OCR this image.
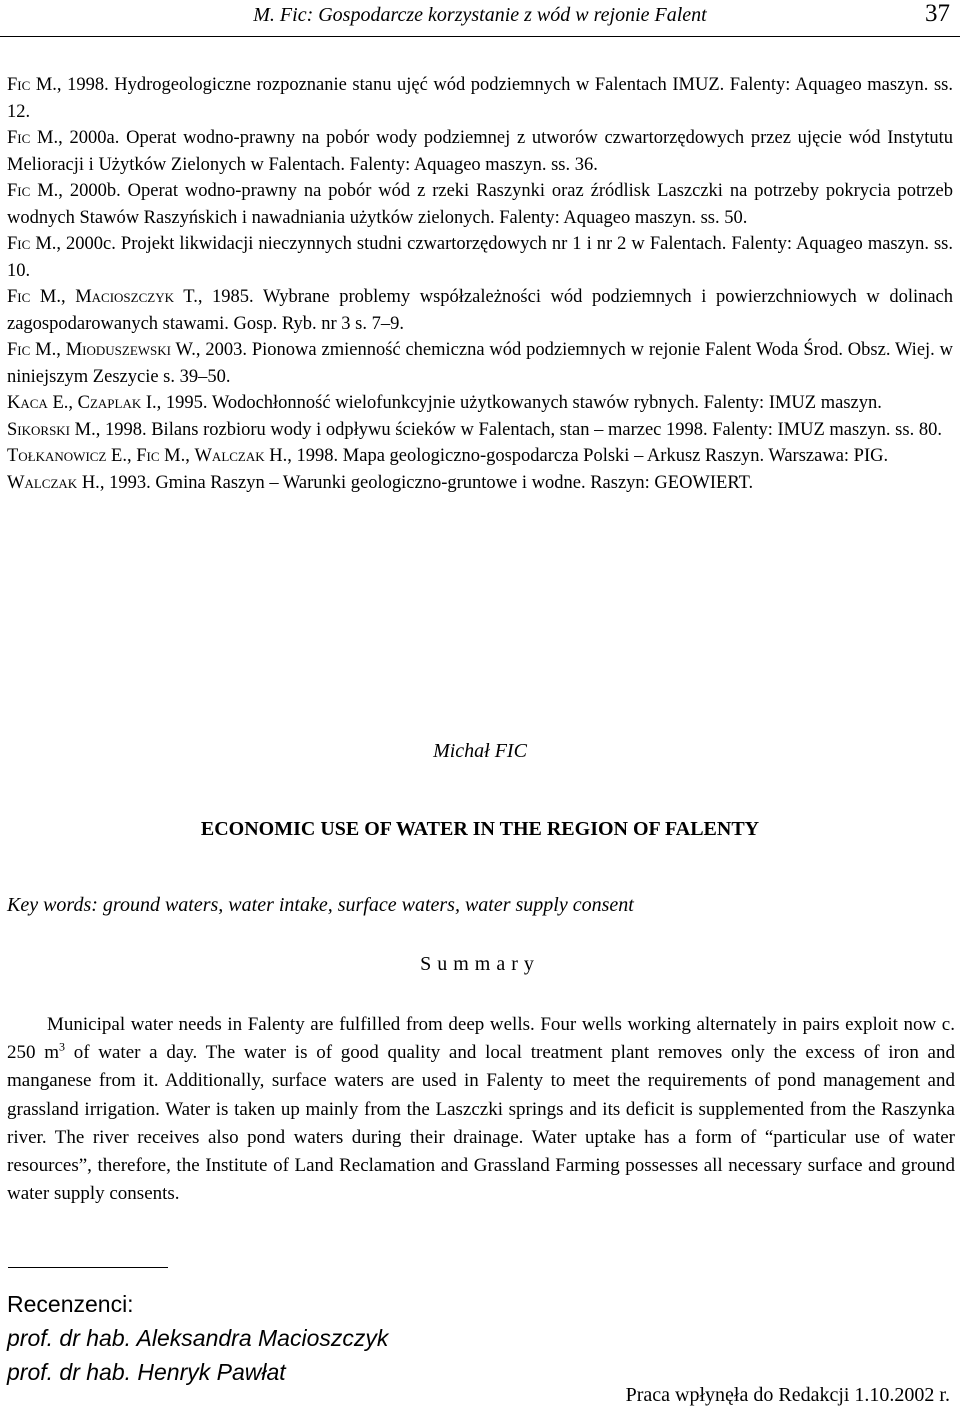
M. Fic: Gospodarcze korzystanie z wód w rejonie Falent	37
Fic M., 1998. Hydrogeologiczne rozpoznanie stanu ujęć wód podziemnych w Falentach IMUZ. Falenty: Aquageo maszyn. ss. 12.
Fic M., 2000a. Operat wodno-prawny na pobór wody podziemnej z utworów czwartorzędowych przez ujęcie wód Instytutu Melioracji i Użytków Zielonych w Falentach. Falenty: Aquageo maszyn. ss. 36.
Fic M., 2000b. Operat wodno-prawny na pobór wód z rzeki Raszynki oraz źródlisk Laszczki na potrzeby pokrycia potrzeb wodnych Stawów Raszyńskich i nawadniania użytków zielonych. Falenty: Aquageo maszyn. ss. 50.
Fic M., 2000c. Projekt likwidacji nieczynnych studni czwartorzędowych nr 1 i nr 2 w Falentach. Falenty: Aquageo maszyn. ss. 10.
Fic M., Macioszczyk T., 1985. Wybrane problemy współzależności wód podziemnych i powierzchniowych w dolinach zagospodarowanych stawami. Gosp. Ryb. nr 3 s. 7–9.
Fic M., Mioduszewski W., 2003. Pionowa zmienność chemiczna wód podziemnych w rejonie Falent Woda Środ. Obsz. Wiej. w niniejszym Zeszycie s. 39–50.
Kaca E., Czaplak I., 1995. Wodochłonność wielofunkcyjnie użytkowanych stawów rybnych. Falenty: IMUZ maszyn.
Sikorski M., 1998. Bilans rozbioru wody i odpływu ścieków w Falentach, stan – marzec 1998. Falenty: IMUZ maszyn. ss. 80.
Tołkanowicz E., Fic M., Walczak H., 1998. Mapa geologiczno-gospodarcza Polski – Arkusz Raszyn. Warszawa: PIG.
Walczak H., 1993. Gmina Raszyn – Warunki geologiczno-gruntowe i wodne. Raszyn: GEOWIERT.
Michał FIC
ECONOMIC USE OF WATER IN THE REGION OF FALENTY
Key words: ground waters, water intake, surface waters, water supply consent
Summary
Municipal water needs in Falenty are fulfilled from deep wells. Four wells working alternately in pairs exploit now c. 250 $m^3$ of water a day. The water is of good quality and local treatment plant removes only the excess of iron and manganese from it. Additionally, surface waters are used in Falenty to meet the requirements of pond management and grassland irrigation. Water is taken up mainly from the Laszczki springs and its deficit is supplemented from the Raszynka river. The river receives also pond waters during their drainage. Water uptake has a form of “particular use of water resources”, therefore, the Institute of Land Reclamation and Grassland Farming possesses all necessary surface and ground water supply consents.
Recenzenci:
prof. dr hab. Aleksandra Macioszczyk
prof. dr hab. Henryk Pawłat
Praca wpłynęła do Redakcji 1.10.2002 r.
